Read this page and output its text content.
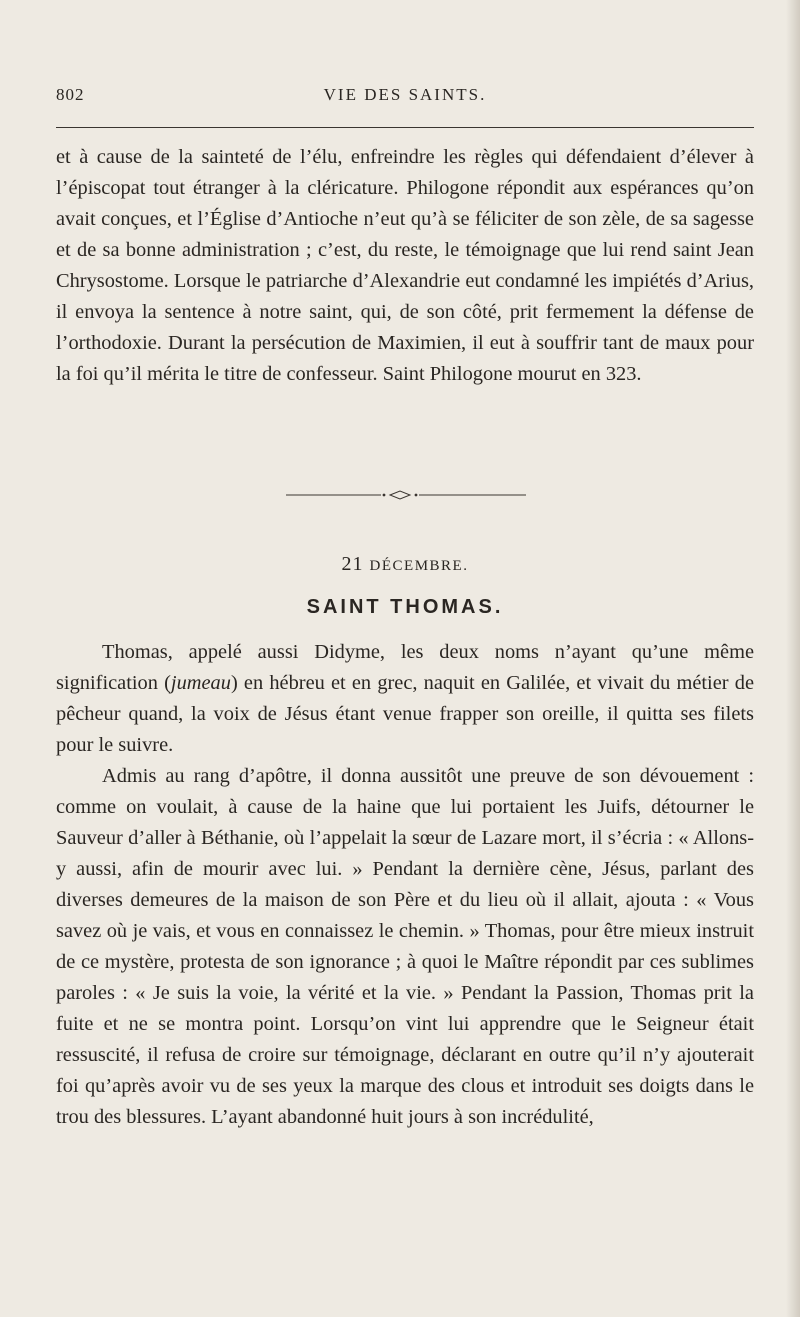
802	VIE DES SAINTS.

et à cause de la sainteté de l’élu, enfreindre les règles qui défendaient d’élever à l’épiscopat tout étranger à la cléricature. Philogone répondit aux espérances qu’on avait conçues, et l’Église d’Antioche n’eut qu’à se féliciter de son zèle, de sa sagesse et de sa bonne administration ; c’est, du reste, le témoignage que lui rend saint Jean Chrysostome. Lorsque le patriarche d’Alexandrie eut condamné les impiétés d’Arius, il envoya la sentence à notre saint, qui, de son côté, prit fermement la défense de l’orthodoxie. Durant la persécution de Maximien, il eut à souffrir tant de maux pour la foi qu’il mérita le titre de confesseur. Saint Philogone mourut en 323.

21 DÉCEMBRE.
SAINT THOMAS.

Thomas, appelé aussi Didyme, les deux noms n’ayant qu’une même signification (jumeau) en hébreu et en grec, naquit en Galilée, et vivait du métier de pêcheur quand, la voix de Jésus étant venue frapper son oreille, il quitta ses filets pour le suivre.

Admis au rang d’apôtre, il donna aussitôt une preuve de son dévouement : comme on voulait, à cause de la haine que lui portaient les Juifs, détourner le Sauveur d’aller à Béthanie, où l’appelait la sœur de Lazare mort, il s’écria : « Allons-y aussi, afin de mourir avec lui. » Pendant la dernière cène, Jésus, parlant des diverses demeures de la maison de son Père et du lieu où il allait, ajouta : « Vous savez où je vais, et vous en connaissez le chemin. » Thomas, pour être mieux instruit de ce mystère, protesta de son ignorance ; à quoi le Maître répondit par ces sublimes paroles : « Je suis la voie, la vérité et la vie. » Pendant la Passion, Thomas prit la fuite et ne se montra point. Lorsqu’on vint lui apprendre que le Seigneur était ressuscité, il refusa de croire sur témoignage, déclarant en outre qu’il n’y ajouterait foi qu’après avoir vu de ses yeux la marque des clous et introduit ses doigts dans le trou des blessures. L’ayant abandonné huit jours à son incrédulité,
